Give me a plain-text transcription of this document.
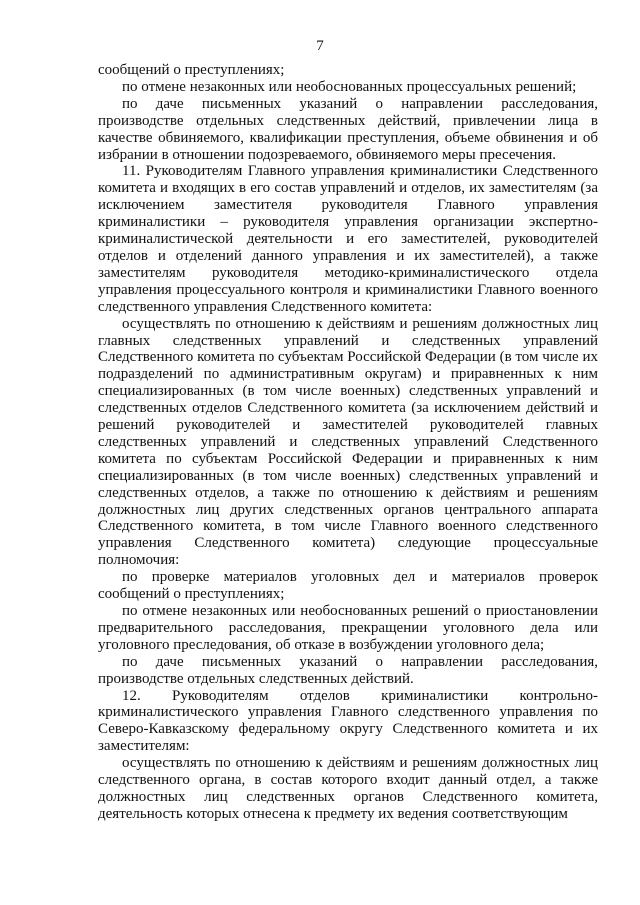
7

сообщений о преступлениях;

по отмене незаконных или необоснованных процессуальных решений;

по даче письменных указаний о направлении расследования, производстве отдельных следственных действий, привлечении лица в качестве обвиняемого, квалификации преступления, объеме обвинения и об избрании в отношении подозреваемого, обвиняемого меры пресечения.

11. Руководителям Главного управления криминалистики Следственного комитета и входящих в его состав управлений и отделов, их заместителям (за исключением заместителя руководителя Главного управления криминалистики – руководителя управления организации экспертно-криминалистической деятельности и его заместителей, руководителей отделов и отделений данного управления и их заместителей), а также заместителям руководителя методико-криминалистического отдела управления процессуального контроля и криминалистики Главного военного следственного управления Следственного комитета:

осуществлять по отношению к действиям и решениям должностных лиц главных следственных управлений и следственных управлений Следственного комитета по субъектам Российской Федерации (в том числе их подразделений по административным округам) и приравненных к ним специализированных (в том числе военных) следственных управлений и следственных отделов Следственного комитета (за исключением действий и решений руководителей и заместителей руководителей главных следственных управлений и следственных управлений Следственного комитета по субъектам Российской Федерации и приравненных к ним специализированных (в том числе военных) следственных управлений и следственных отделов, а также по отношению к действиям и решениям должностных лиц других следственных органов центрального аппарата Следственного комитета, в том числе Главного военного следственного управления Следственного комитета) следующие процессуальные полномочия:

по проверке материалов уголовных дел и материалов проверок сообщений о преступлениях;

по отмене незаконных или необоснованных решений о приостановлении предварительного расследования, прекращении уголовного дела или уголовного преследования, об отказе в возбуждении уголовного дела;

по даче письменных указаний о направлении расследования, производстве отдельных следственных действий.

12. Руководителям отделов криминалистики контрольно-криминалистического управления Главного следственного управления по Северо-Кавказскому федеральному округу Следственного комитета и их заместителям:

осуществлять по отношению к действиям и решениям должностных лиц следственного органа, в состав которого входит данный отдел, а также должностных лиц следственных органов Следственного комитета, деятельность которых отнесена к предмету их ведения соответствующим
